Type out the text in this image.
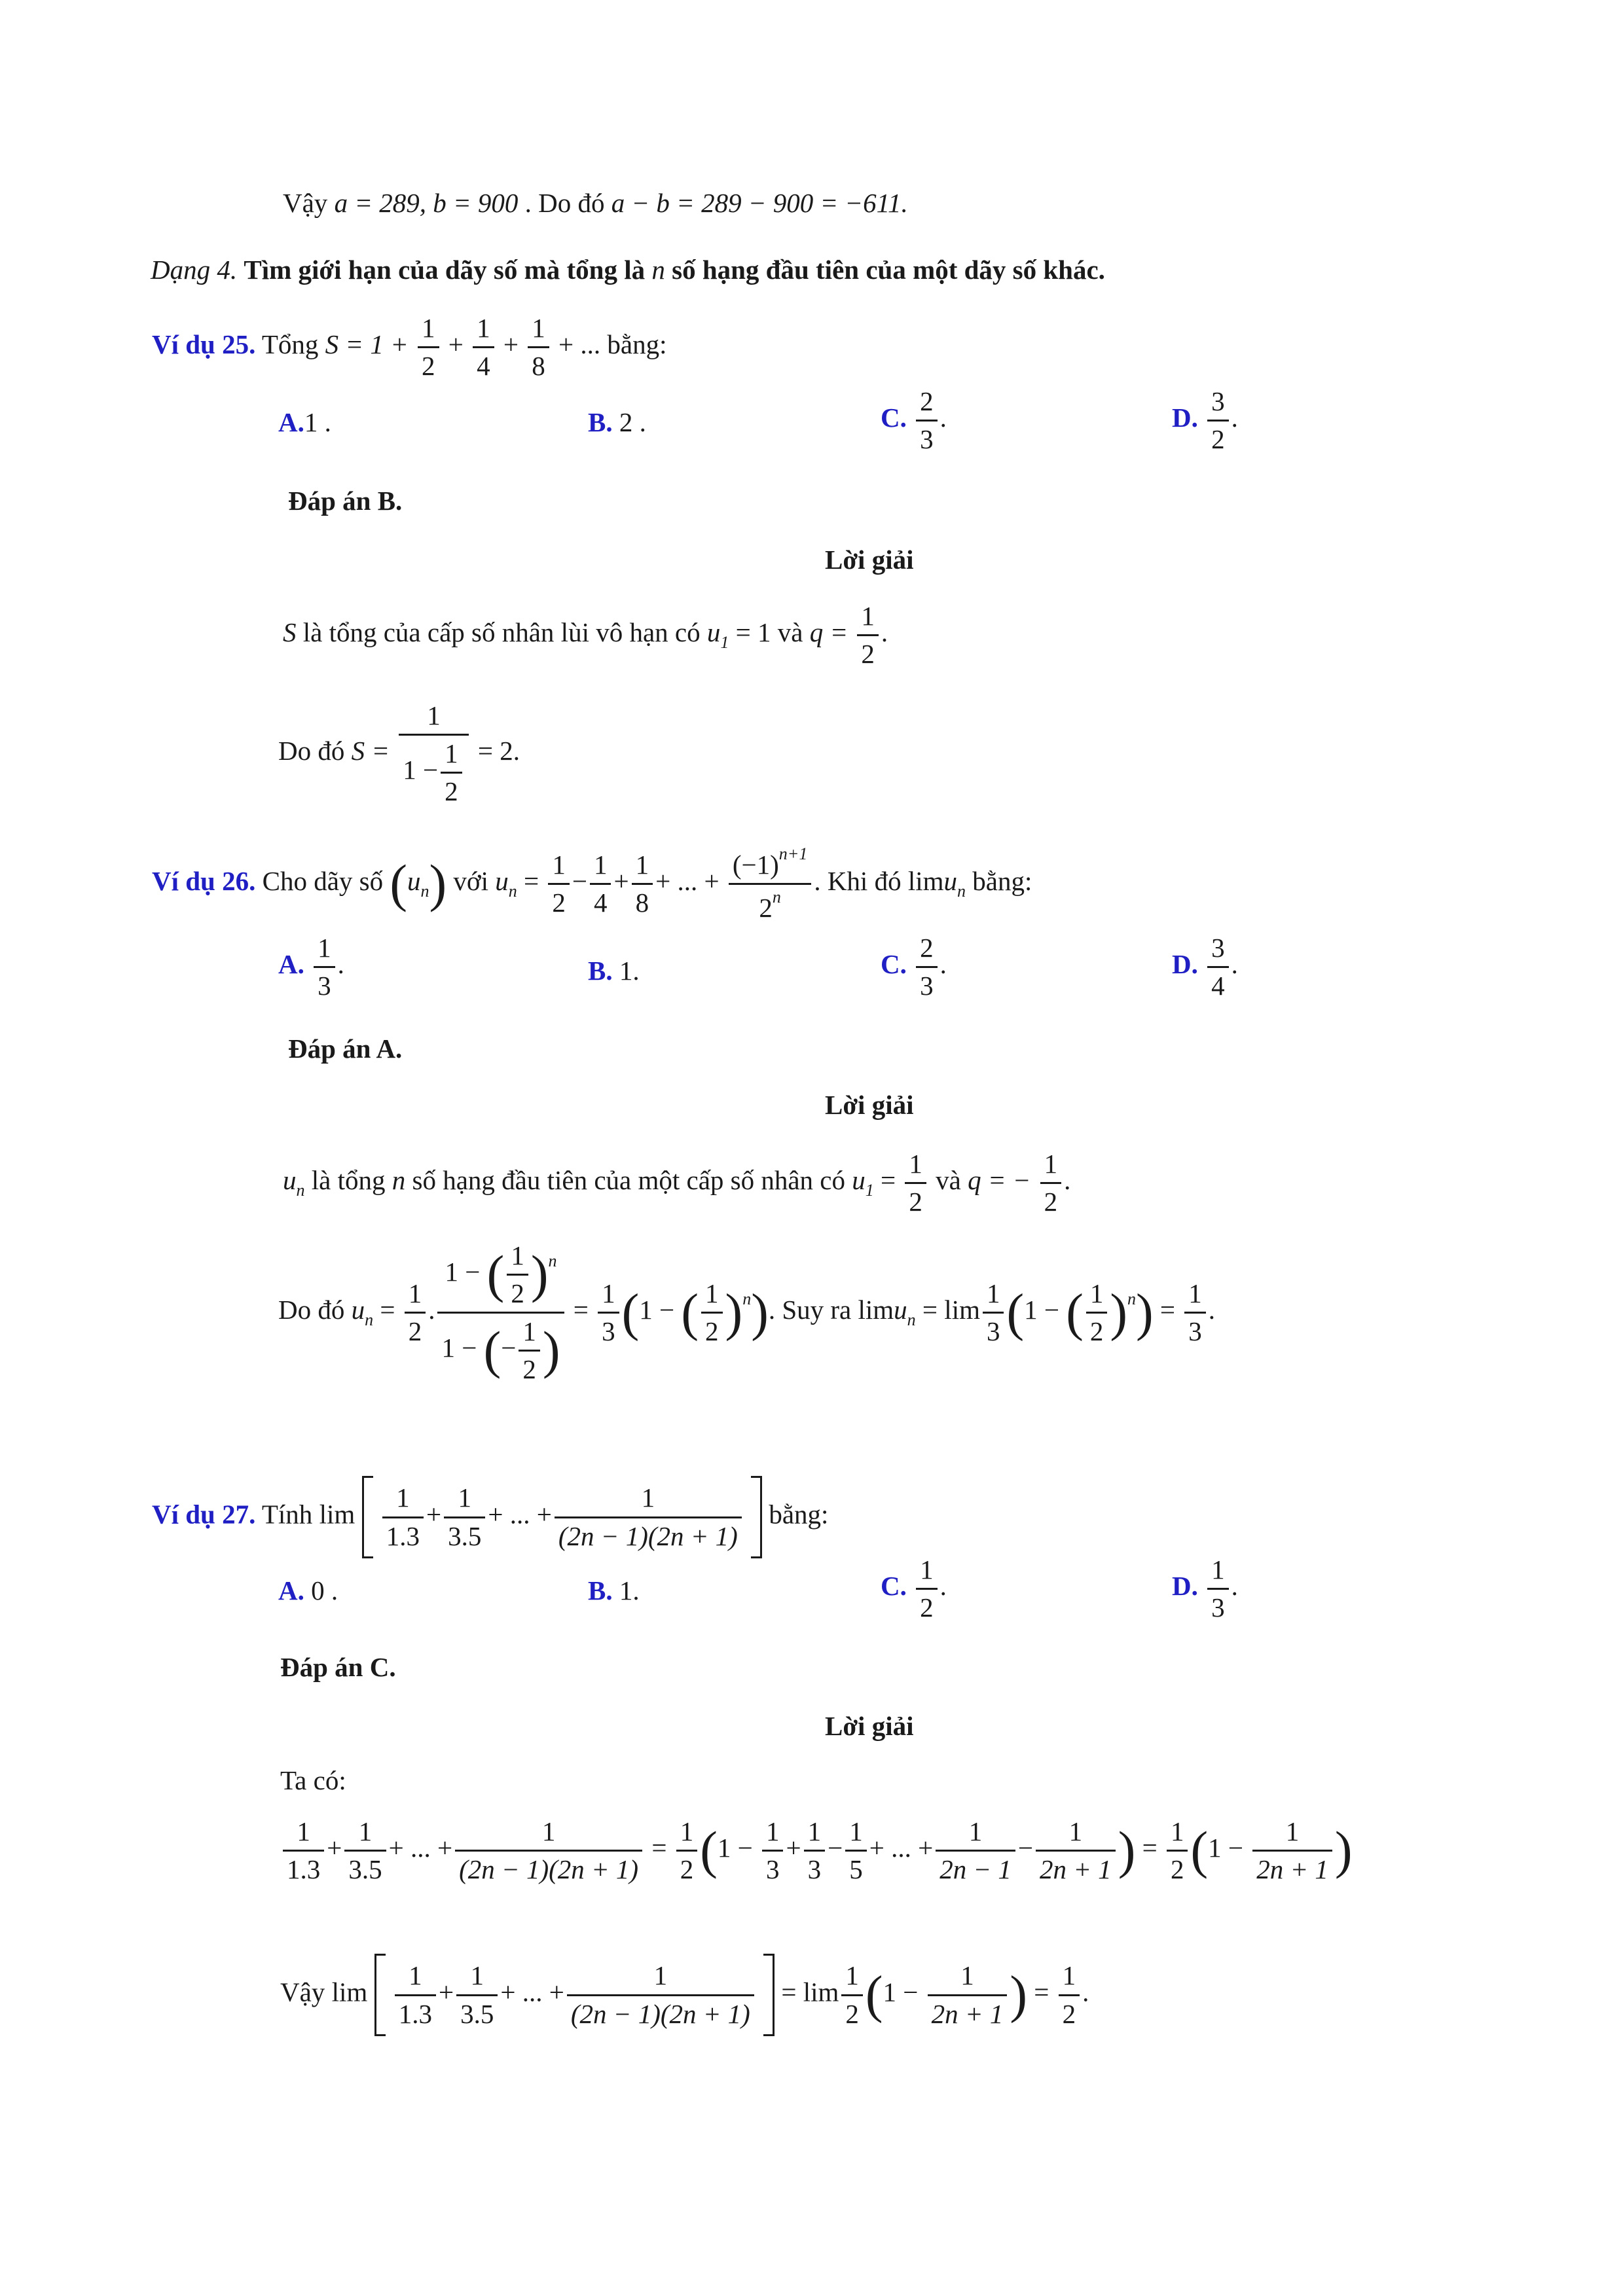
Vậy a = 289, b = 900 . Do đó a − b = 289 − 900 = −611.
Dạng 4. Tìm giới hạn của dãy số mà tổng là n số hạng đầu tiên của một dãy số khác.
Ví dụ 25. Tổng $S = 1 + \frac{1}{2} + \frac{1}{4} + \frac{1}{8}$ + ... bằng:
A.1 .	B. 2 .	C. $\frac{2}{3}$ .	D. $\frac{3}{2}$ .
Đáp án B.
Lời giải
S là tổng của cấp số nhân lùi vô hạn có $u_1 = 1$ và $q = \frac{1}{2}$ .
Do đó $S = \frac{1}{1 - \frac{1}{2}} = 2$.
Ví dụ 26. Cho dãy số $(u_n)$ với $u_n = \frac{1}{2} - \frac{1}{4} + \frac{1}{8}$ + ... + $\frac{(-1)^{n+1}}{2^n}$ . Khi đó limu$_n$ bằng:
A. $\frac{1}{3}$ .	B. 1.	C. $\frac{2}{3}$ .	D. $\frac{3}{4}$ .
Đáp án A.
Lời giải
$u_n$ là tổng n số hạng đầu tiên của một cấp số nhân có $u_1 = \frac{1}{2}$ và q = − $\frac{1}{2}$ .
Do đó $u_n = \frac{1}{2}$ . $\frac{1 - ( \frac{1}{2} )^n}{1 - (- \frac{1}{2} )} = \frac{1}{3} (1$ − ( $\frac{1}{2} )^n$). Suy ra $\lim u_n = \lim \frac{1}{3} (1$ − ( $\frac{1}{2} )^n) = \frac{1}{3}$ .
Ví dụ 27. Tính $\lim \frac{1}{1.3} + \frac{1}{3.5}$ + ... + $\frac{1}{(2n - 1)(2n + 1)}$ bằng:
A. 0 .	B. 1.	C. $\frac{1}{2}$ .	D. $\frac{1}{3}$ .
Đáp án C.
Lời giải
Ta có:
$\frac{1}{1.3} + \frac{1}{3.5}$ + ... + $\frac{1}{(2n - 1)(2n + 1)} = \frac{1}{2} (1 - \frac{1}{3} + \frac{1}{3} - \frac{1}{5}$ + ... + $\frac{1}{2n - 1} - \frac{1}{2n + 1}$ ) = $\frac{1}{2} (1 - \frac{1}{2n + 1}$ )
Vậy $\lim \frac{1}{1.3} + \frac{1}{3.5}$ + ... + $\frac{1}{(2n - 1)(2n + 1)} = \lim \frac{1}{2} (1 - \frac{1}{2n + 1}$ ) = $\frac{1}{2}$ .
